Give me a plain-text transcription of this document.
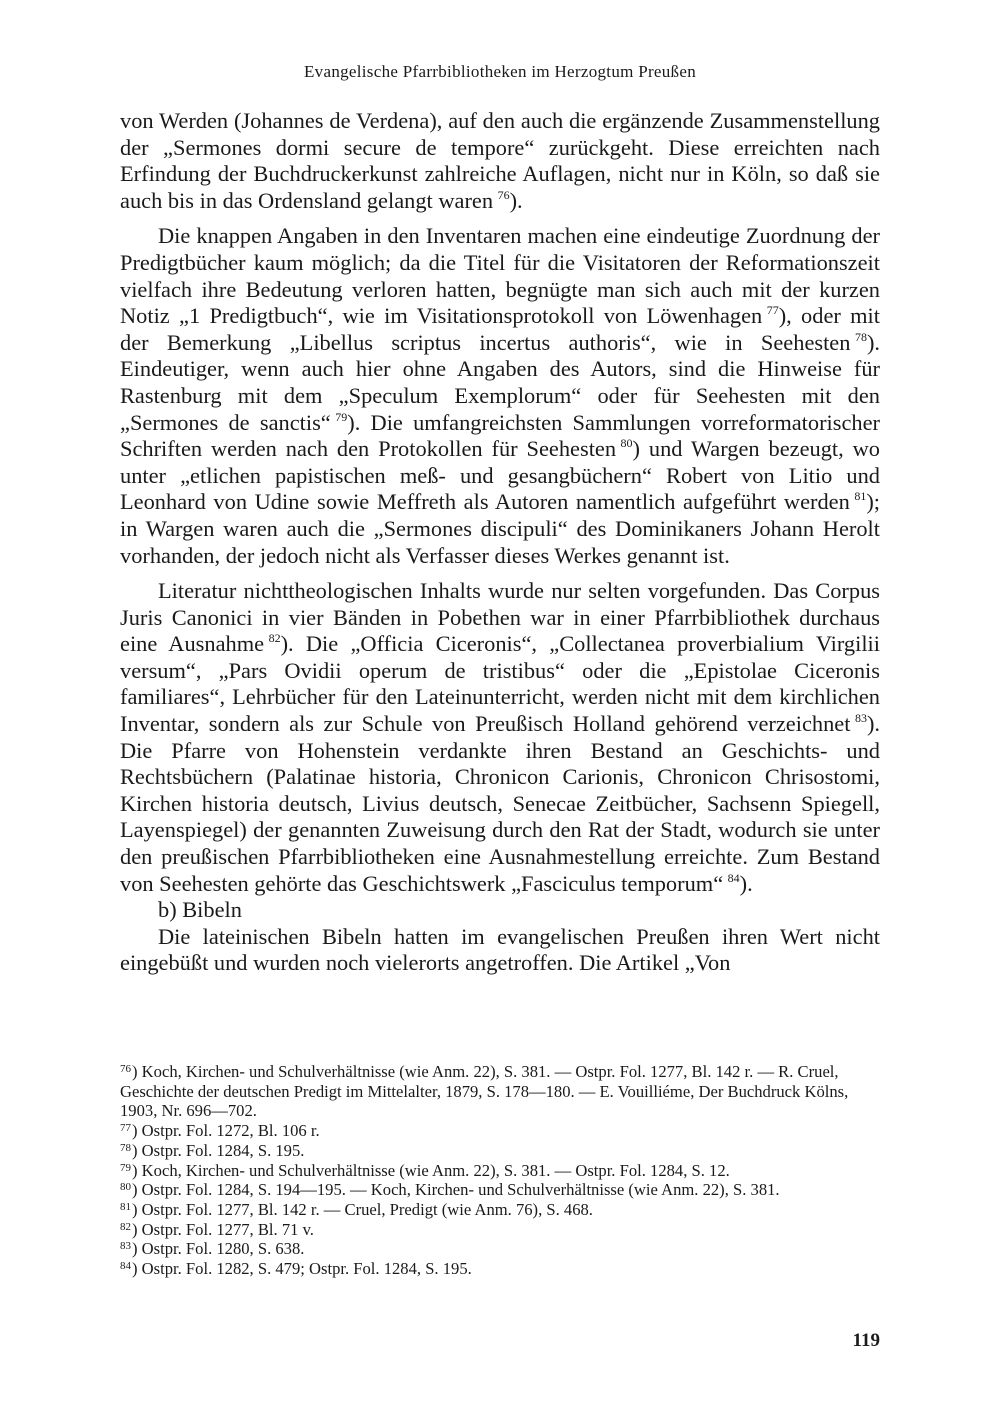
Evangelische Pfarrbibliotheken im Herzogtum Preußen

von Werden (Johannes de Verdena), auf den auch die ergänzende Zusammenstellung der „Sermones dormi secure de tempore“ zurückgeht. Diese erreichten nach Erfindung der Buchdruckerkunst zahlreiche Auflagen, nicht nur in Köln, so daß sie auch bis in das Ordensland gelangt waren  $^{76}$).

Die knappen Angaben in den Inventaren machen eine eindeutige Zuordnung der Predigtbücher kaum möglich; da die Titel für die Visitatoren der Reformationszeit vielfach ihre Bedeutung verloren hatten, begnügte man sich auch mit der kurzen Notiz „1 Predigtbuch“, wie im Visitationsprotokoll von Löwenhagen  $^{77}$), oder mit der Bemerkung „Libellus scriptus incertus authoris“, wie in Seehesten  $^{78}$). Eindeutiger, wenn auch hier ohne Angaben des Autors, sind die Hinweise für Rastenburg mit dem „Speculum Exemplorum“ oder für Seehesten mit den „Sermones de sanctis“  $^{79}$). Die umfangreichsten Sammlungen vorreformatorischer Schriften werden nach den Protokollen für Seehesten  $^{80}$) und Wargen bezeugt, wo unter „etlichen papistischen meß- und gesangbüchern“ Robert von Litio und Leonhard von Udine sowie Meffreth als Autoren namentlich aufgeführt werden  $^{81}$); in Wargen waren auch die „Sermones discipuli“ des Dominikaners Johann Herolt vorhanden, der jedoch nicht als Verfasser dieses Werkes genannt ist.

Literatur nichttheologischen Inhalts wurde nur selten vorgefunden. Das Corpus Juris Canonici in vier Bänden in Pobethen war in einer Pfarrbibliothek durchaus eine Ausnahme  $^{82}$). Die „Officia Ciceronis“, „Collectanea proverbialium Virgilii versum“, „Pars Ovidii operum de tristibus“ oder die „Epistolae Ciceronis familiares“, Lehrbücher für den Lateinunterricht, werden nicht mit dem kirchlichen Inventar, sondern als zur Schule von Preußisch Holland gehörend verzeichnet  $^{83}$). Die Pfarre von Hohenstein verdankte ihren Bestand an Geschichts- und Rechtsbüchern (Palatinae historia, Chronicon Carionis, Chronicon Chrisostomi, Kirchen historia deutsch, Livius deutsch, Senecae Zeitbücher, Sachsenn Spiegell, Layenspiegel) der genannten Zuweisung durch den Rat der Stadt, wodurch sie unter den preußischen Pfarrbibliotheken eine Ausnahmestellung erreichte. Zum Bestand von Seehesten gehörte das Geschichtswerk „Fasciculus temporum“  $^{84}$).

b) Bibeln

Die lateinischen Bibeln hatten im evangelischen Preußen ihren Wert nicht eingebüßt und wurden noch vielerorts angetroffen. Die Artikel „Von

$^{76}$) Koch, Kirchen- und Schulverhältnisse (wie Anm. 22), S. 381. — Ostpr. Fol. 1277, Bl. 142 r. — R. Cruel, Geschichte der deutschen Predigt im Mittelalter, 1879, S. 178—180. — E. Vouilliéme, Der Buchdruck Kölns, 1903, Nr. 696—702.

$^{77}$) Ostpr. Fol. 1272, Bl. 106 r.

$^{78}$) Ostpr. Fol. 1284, S. 195.

$^{79}$) Koch, Kirchen- und Schulverhältnisse (wie Anm. 22), S. 381. — Ostpr. Fol. 1284, S. 12.

$^{80}$) Ostpr. Fol. 1284, S. 194—195. — Koch, Kirchen- und Schulverhältnisse (wie Anm. 22), S. 381.

$^{81}$) Ostpr. Fol. 1277, Bl. 142 r. — Cruel, Predigt (wie Anm. 76), S. 468.

$^{82}$) Ostpr. Fol. 1277, Bl. 71 v.

$^{83}$) Ostpr. Fol. 1280, S. 638.

$^{84}$) Ostpr. Fol. 1282, S. 479; Ostpr. Fol. 1284, S. 195.

119
